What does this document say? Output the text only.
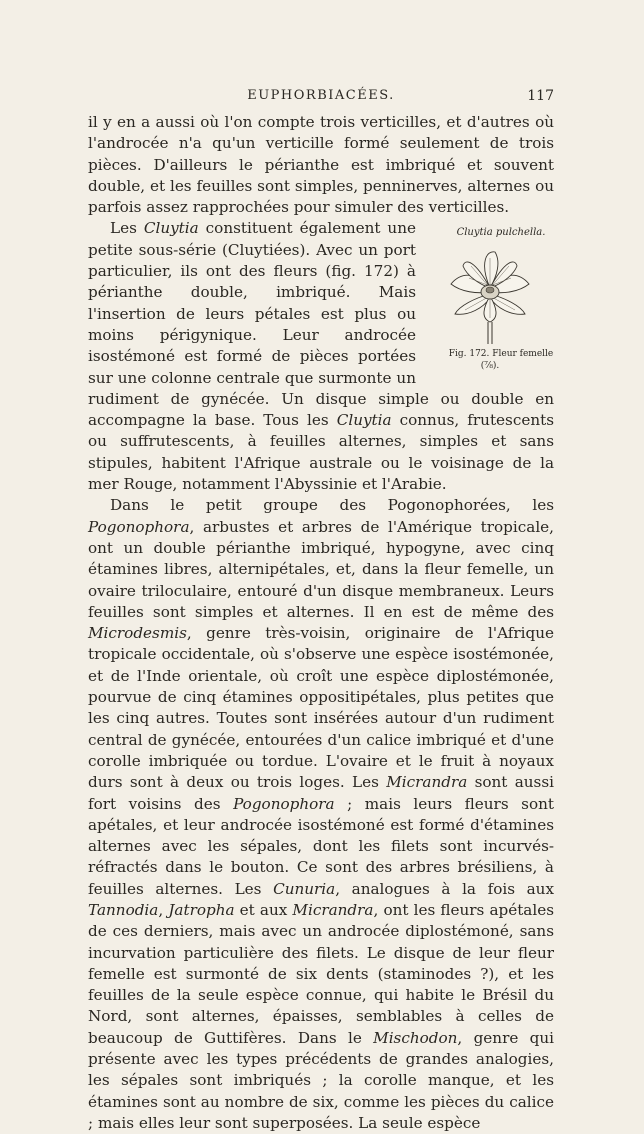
EUPHORBIACÉES.	117

il y en a aussi où l'on compte trois verticilles, et d'autres où l'androcée n'a qu'un verticille formé seulement de trois pièces. D'ailleurs le périanthe est imbriqué et souvent double, et les feuilles sont simples, penninerves, alternes ou parfois assez rapprochées pour simuler des verticilles.

Cluytia pulchella.
Fig. 172. Fleur femelle (⅞).
Les Cluytia constituent également une petite sous-série (Cluytiées). Avec un port particulier, ils ont des fleurs (fig. 172) à périanthe double, imbriqué. Mais l'insertion de leurs pétales est plus ou moins périgynique. Leur androcée isostémoné est formé de pièces portées sur une colonne centrale que surmonte un rudiment de gynécée. Un disque simple ou double en accompagne la base. Tous les Cluytia connus, frutescents ou suffrutescents, à feuilles alternes, simples et sans stipules, habitent l'Afrique australe ou le voisinage de la mer Rouge, notamment l'Abyssinie et l'Arabie.

Dans le petit groupe des Pogonophorées, les Pogonophora, arbustes et arbres de l'Amérique tropicale, ont un double périanthe imbriqué, hypogyne, avec cinq étamines libres, alternipétales, et, dans la fleur femelle, un ovaire triloculaire, entouré d'un disque membraneux. Leurs feuilles sont simples et alternes. Il en est de même des Microdesmis, genre très-voisin, originaire de l'Afrique tropicale occidentale, où s'observe une espèce isostémonée, et de l'Inde orientale, où croît une espèce diplostémonée, pourvue de cinq étamines oppositipétales, plus petites que les cinq autres. Toutes sont insérées autour d'un rudiment central de gynécée, entourées d'un calice imbriqué et d'une corolle imbriquée ou tordue. L'ovaire et le fruit à noyaux durs sont à deux ou trois loges. Les Micrandra sont aussi fort voisins des Pogonophora ; mais leurs fleurs sont apétales, et leur androcée isostémoné est formé d'étamines alternes avec les sépales, dont les filets sont incurvés-réfractés dans le bouton. Ce sont des arbres brésiliens, à feuilles alternes. Les Cunuria, analogues à la fois aux Tannodia, Jatropha et aux Micrandra, ont les fleurs apétales de ces derniers, mais avec un androcée diplostémoné, sans incurvation particulière des filets. Le disque de leur fleur femelle est surmonté de six dents (staminodes ?), et les feuilles de la seule espèce connue, qui habite le Brésil du Nord, sont alternes, épaisses, semblables à celles de beaucoup de Guttifères. Dans le Mischodon, genre qui présente avec les types précédents de grandes analogies, les sépales sont imbriqués ; la corolle manque, et les étamines sont au nombre de six, comme les pièces du calice ; mais elles leur sont superposées. La seule espèce
